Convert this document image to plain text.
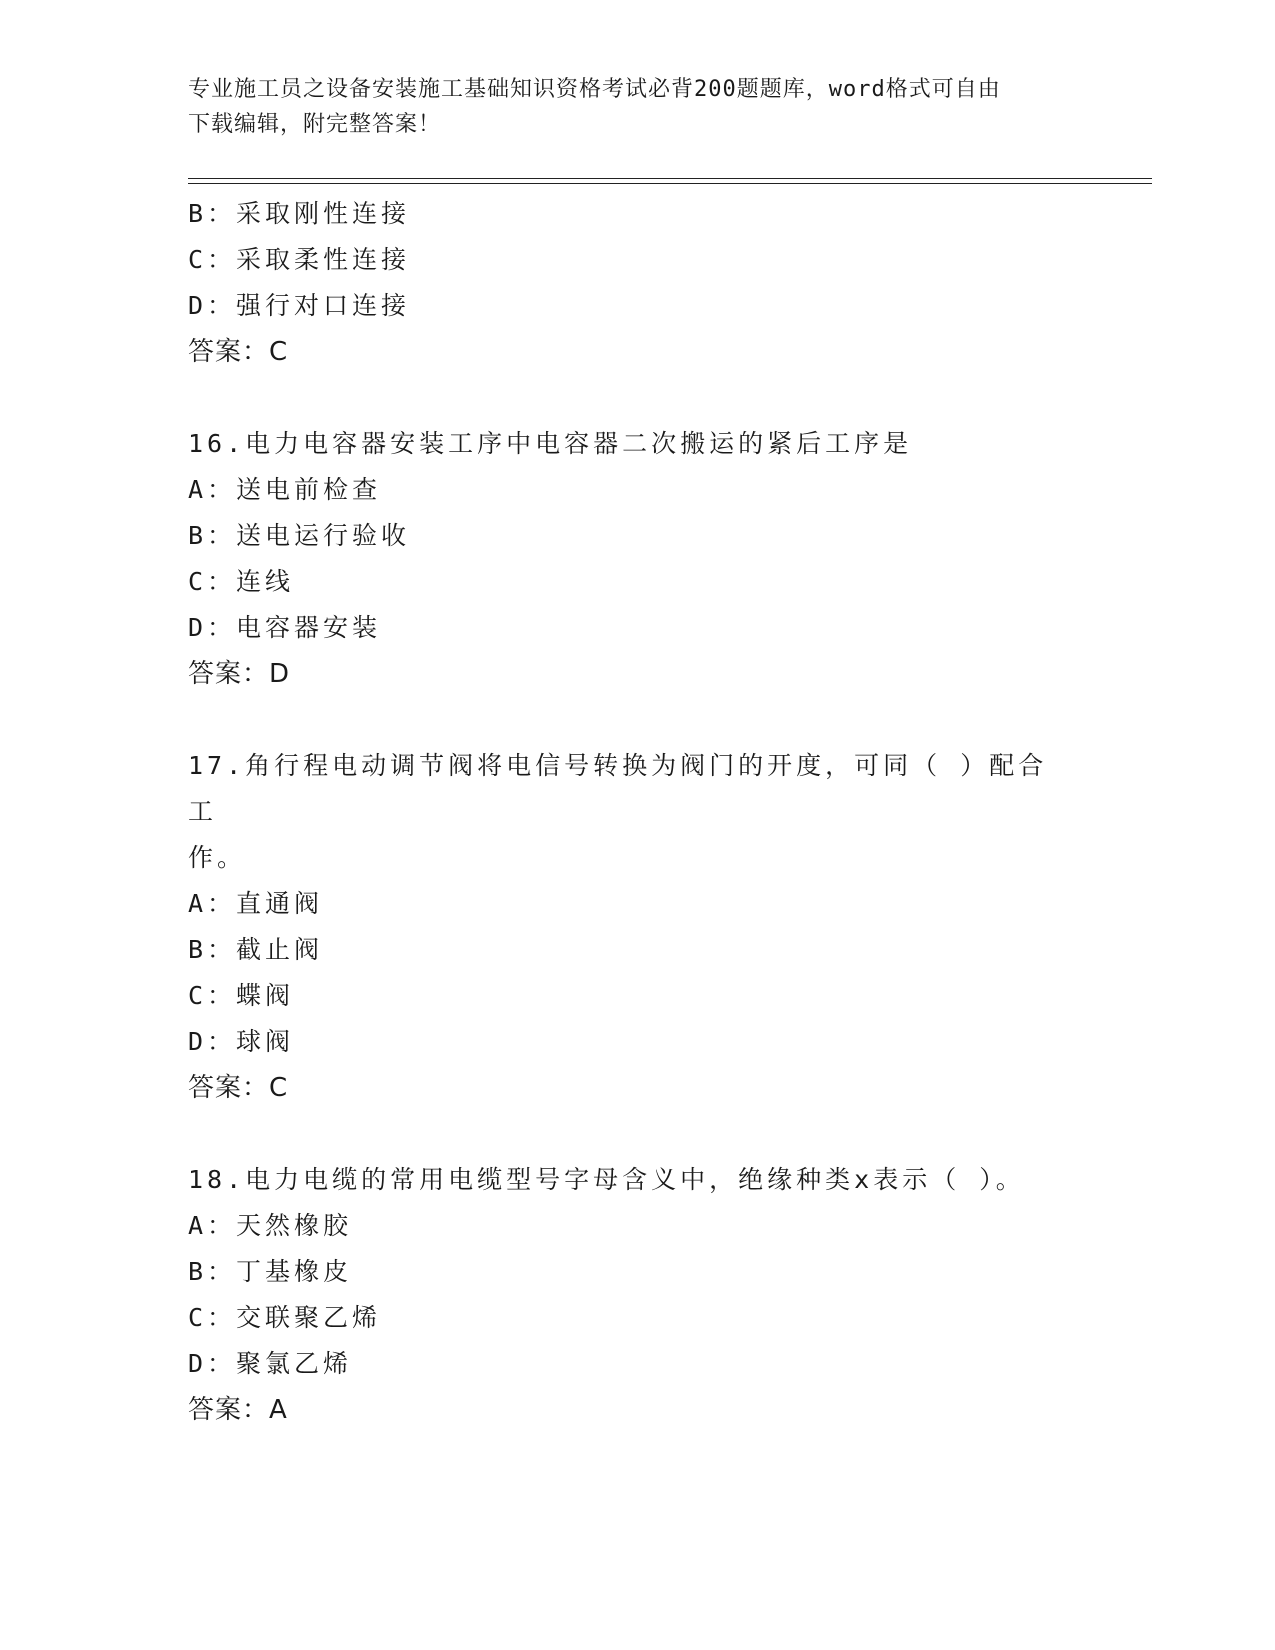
专业施工员之设备安装施工基础知识资格考试必背200题题库，word格式可自由
下载编辑，附完整答案！
B：采取刚性连接
C：采取柔性连接
D：强行对口连接
答案：C
16.电力电容器安装工序中电容器二次搬运的紧后工序是
A：送电前检查
B：送电运行验收
C：连线
D：电容器安装
答案：D
17.角行程电动调节阀将电信号转换为阀门的开度，可同（ ）配合工
作。
A：直通阀
B：截止阀
C：蝶阀
D：球阀
答案：C
18.电力电缆的常用电缆型号字母含义中，绝缘种类x表示（ ）。
A：天然橡胶
B：丁基橡皮
C：交联聚乙烯
D：聚氯乙烯
答案：A
